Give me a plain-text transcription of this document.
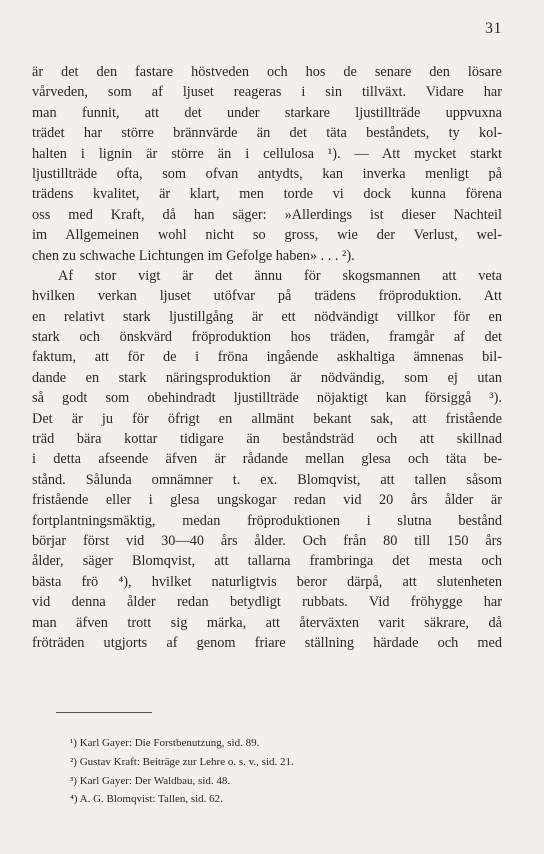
31
är det den fastare höstveden och hos de senare den lösare
vårveden, som af ljuset reageras i sin tillväxt. Vidare har
man funnit, att det under starkare ljustillträde uppvuxna
trädet har större brännvärde än det täta beståndets, ty kol-
halten i lignin är större än i cellulosa ¹). — Att mycket starkt
ljustillträde ofta, som ofvan antydts, kan inverka menligt på
trädens kvalitet, är klart, men torde vi dock kunna förena
oss med Kraft, då han säger: »Allerdings ist dieser Nachteil
im Allgemeinen wohl nicht so gross, wie der Verlust, wel-
chen zu schwache Lichtungen im Gefolge haben» . . . ²).
Af stor vigt är det ännu för skogsmannen att veta
hvilken verkan ljuset utöfvar på trädens fröproduktion. Att
en relativt stark ljustillgång är ett nödvändigt villkor för en
stark och önskvärd fröproduktion hos träden, framgår af det
faktum, att för de i fröna ingående askhaltiga ämnenas bil-
dande en stark näringsproduktion är nödvändig, som ej utan
så godt som obehindradt ljustillträde nöjaktigt kan försiggå ³).
Det är ju för öfrigt en allmänt bekant sak, att fristående
träd bära kottar tidigare än beståndsträd och att skillnad
i detta afseende äfven är rådande mellan glesa och täta be-
stånd. Sålunda omnämner t. ex. Blomqvist, att tallen såsom
fristående eller i glesa ungskogar redan vid 20 års ålder är
fortplantningsmäktig, medan fröproduktionen i slutna bestånd
börjar först vid 30—40 års ålder. Och från 80 till 150 års
ålder, säger Blomqvist, att tallarna frambringa det mesta och
bästa frö ⁴), hvilket naturligtvis beror därpå, att slutenheten
vid denna ålder redan betydligt rubbats. Vid fröhygge har
man äfven trott sig märka, att återväxten varit säkrare, då
fröträden utgjorts af genom friare ställning härdade och med
¹) Karl Gayer: Die Forstbenutzung, sid. 89.
²) Gustav Kraft: Beiträge zur Lehre o. s. v., sid. 21.
³) Karl Gayer: Der Waldbau, sid. 48.
⁴) A. G. Blomqvist: Tallen, sid. 62.
